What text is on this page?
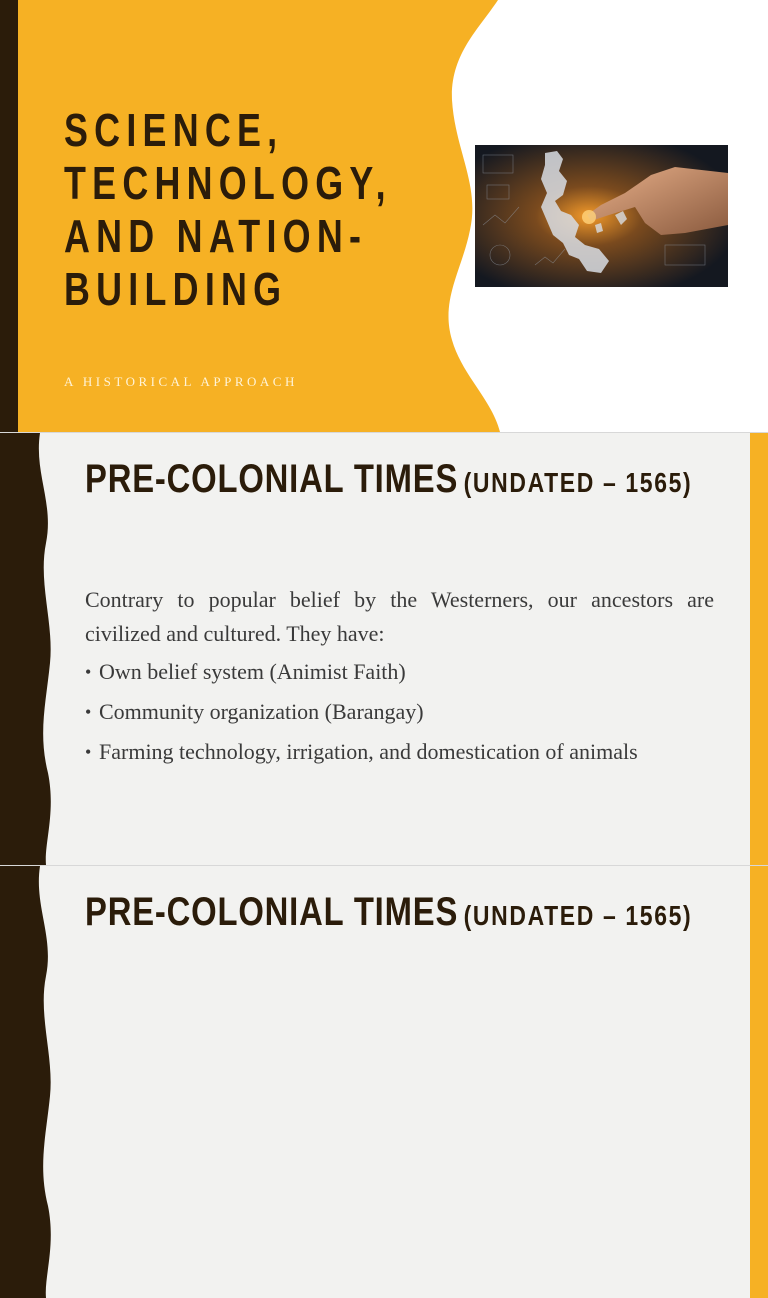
SCIENCE,
TECHNOLOGY,
AND NATION-
BUILDING
A HISTORICAL APPROACH
PRE-COLONIAL TIMES (UNDATED – 1565)

Contrary to popular belief by the Westerners, our ancestors are civilized and cultured. They have:

• Own belief system (Animist Faith)
• Community organization (Barangay)
• Farming technology, irrigation, and domestication of animals
PRE-COLONIAL TIMES (UNDATED – 1565)
